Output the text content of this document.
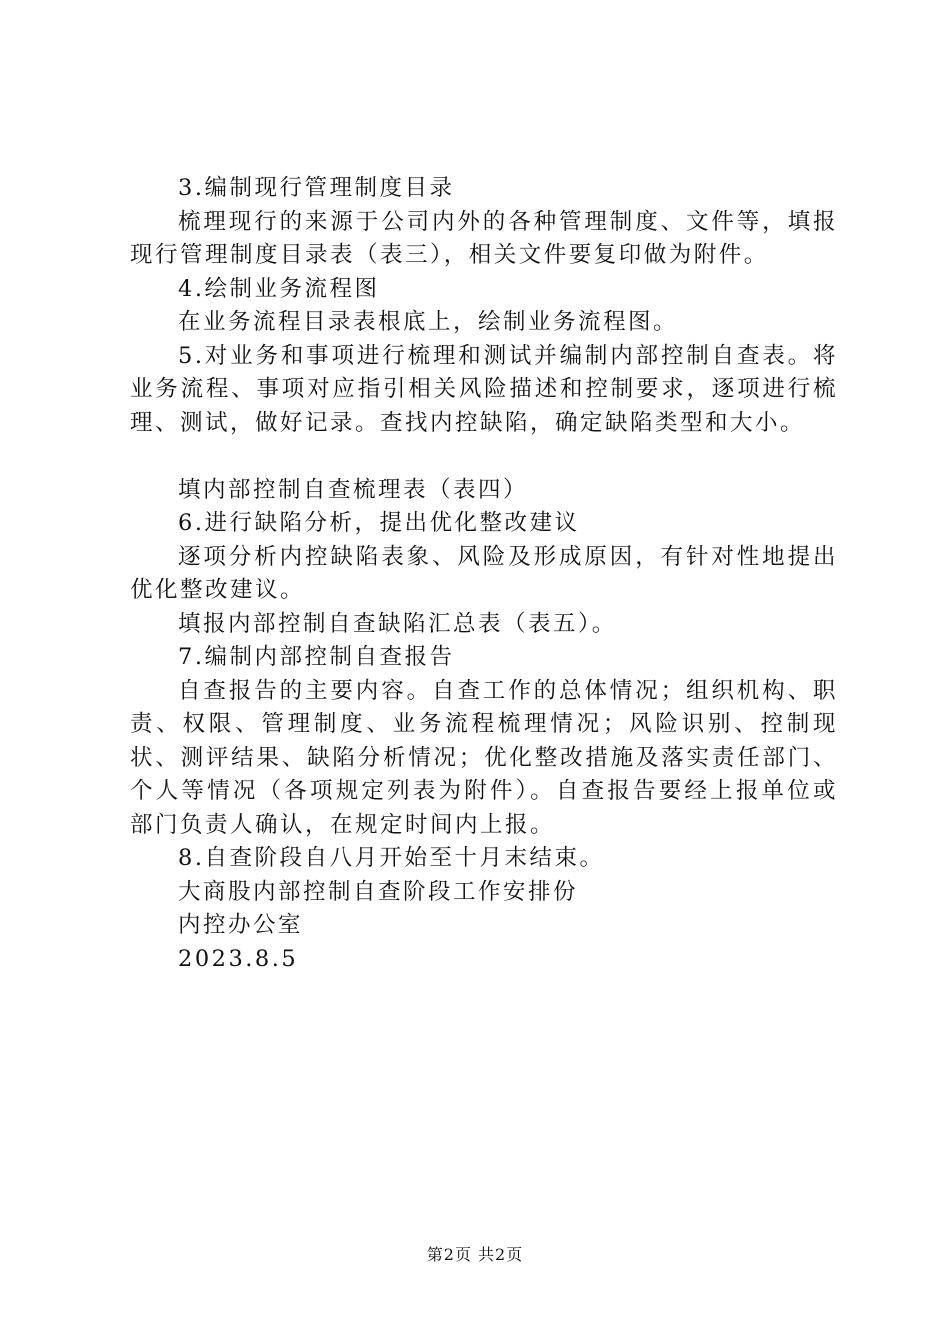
3.编制现行管理制度目录

梳理现行的来源于公司内外的各种管理制度、文件等，填报现行管理制度目录表（表三），相关文件要复印做为附件。

4.绘制业务流程图

在业务流程目录表根底上，绘制业务流程图。

5.对业务和事项进行梳理和测试并编制内部控制自查表。将业务流程、事项对应指引相关风险描述和控制要求，逐项进行梳理、测试，做好记录。查找内控缺陷，确定缺陷类型和大小。

填内部控制自查梳理表（表四）

6.进行缺陷分析，提出优化整改建议

逐项分析内控缺陷表象、风险及形成原因，有针对性地提出优化整改建议。

填报内部控制自查缺陷汇总表（表五）。

7.编制内部控制自查报告

自查报告的主要内容。自查工作的总体情况；组织机构、职责、权限、管理制度、业务流程梳理情况；风险识别、控制现状、测评结果、缺陷分析情况；优化整改措施及落实责任部门、个人等情况（各项规定列表为附件）。自查报告要经上报单位或部门负责人确认，在规定时间内上报。

8.自查阶段自八月开始至十月末结束。

大商股内部控制自查阶段工作安排份

内控办公室

2023.8.5

第2页 共2页
